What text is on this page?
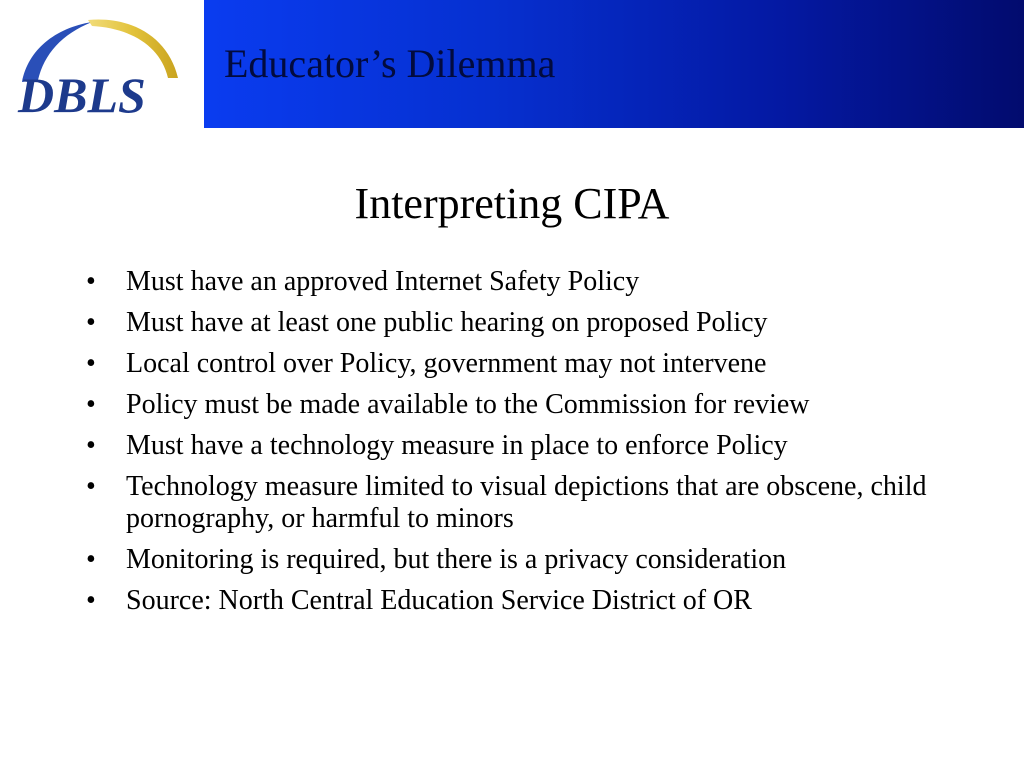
DBLS
Educator’s Dilemma
Interpreting CIPA
• Must have an approved Internet Safety Policy
• Must have at least one public hearing on proposed Policy
• Local control over Policy, government may not intervene
• Policy must be made available to the Commission for review
• Must have a technology measure in place to enforce Policy
• Technology measure limited to visual depictions that are obscene, child pornography, or harmful to minors
• Monitoring is required, but there is a privacy consideration
• Source: North Central Education Service District of OR
